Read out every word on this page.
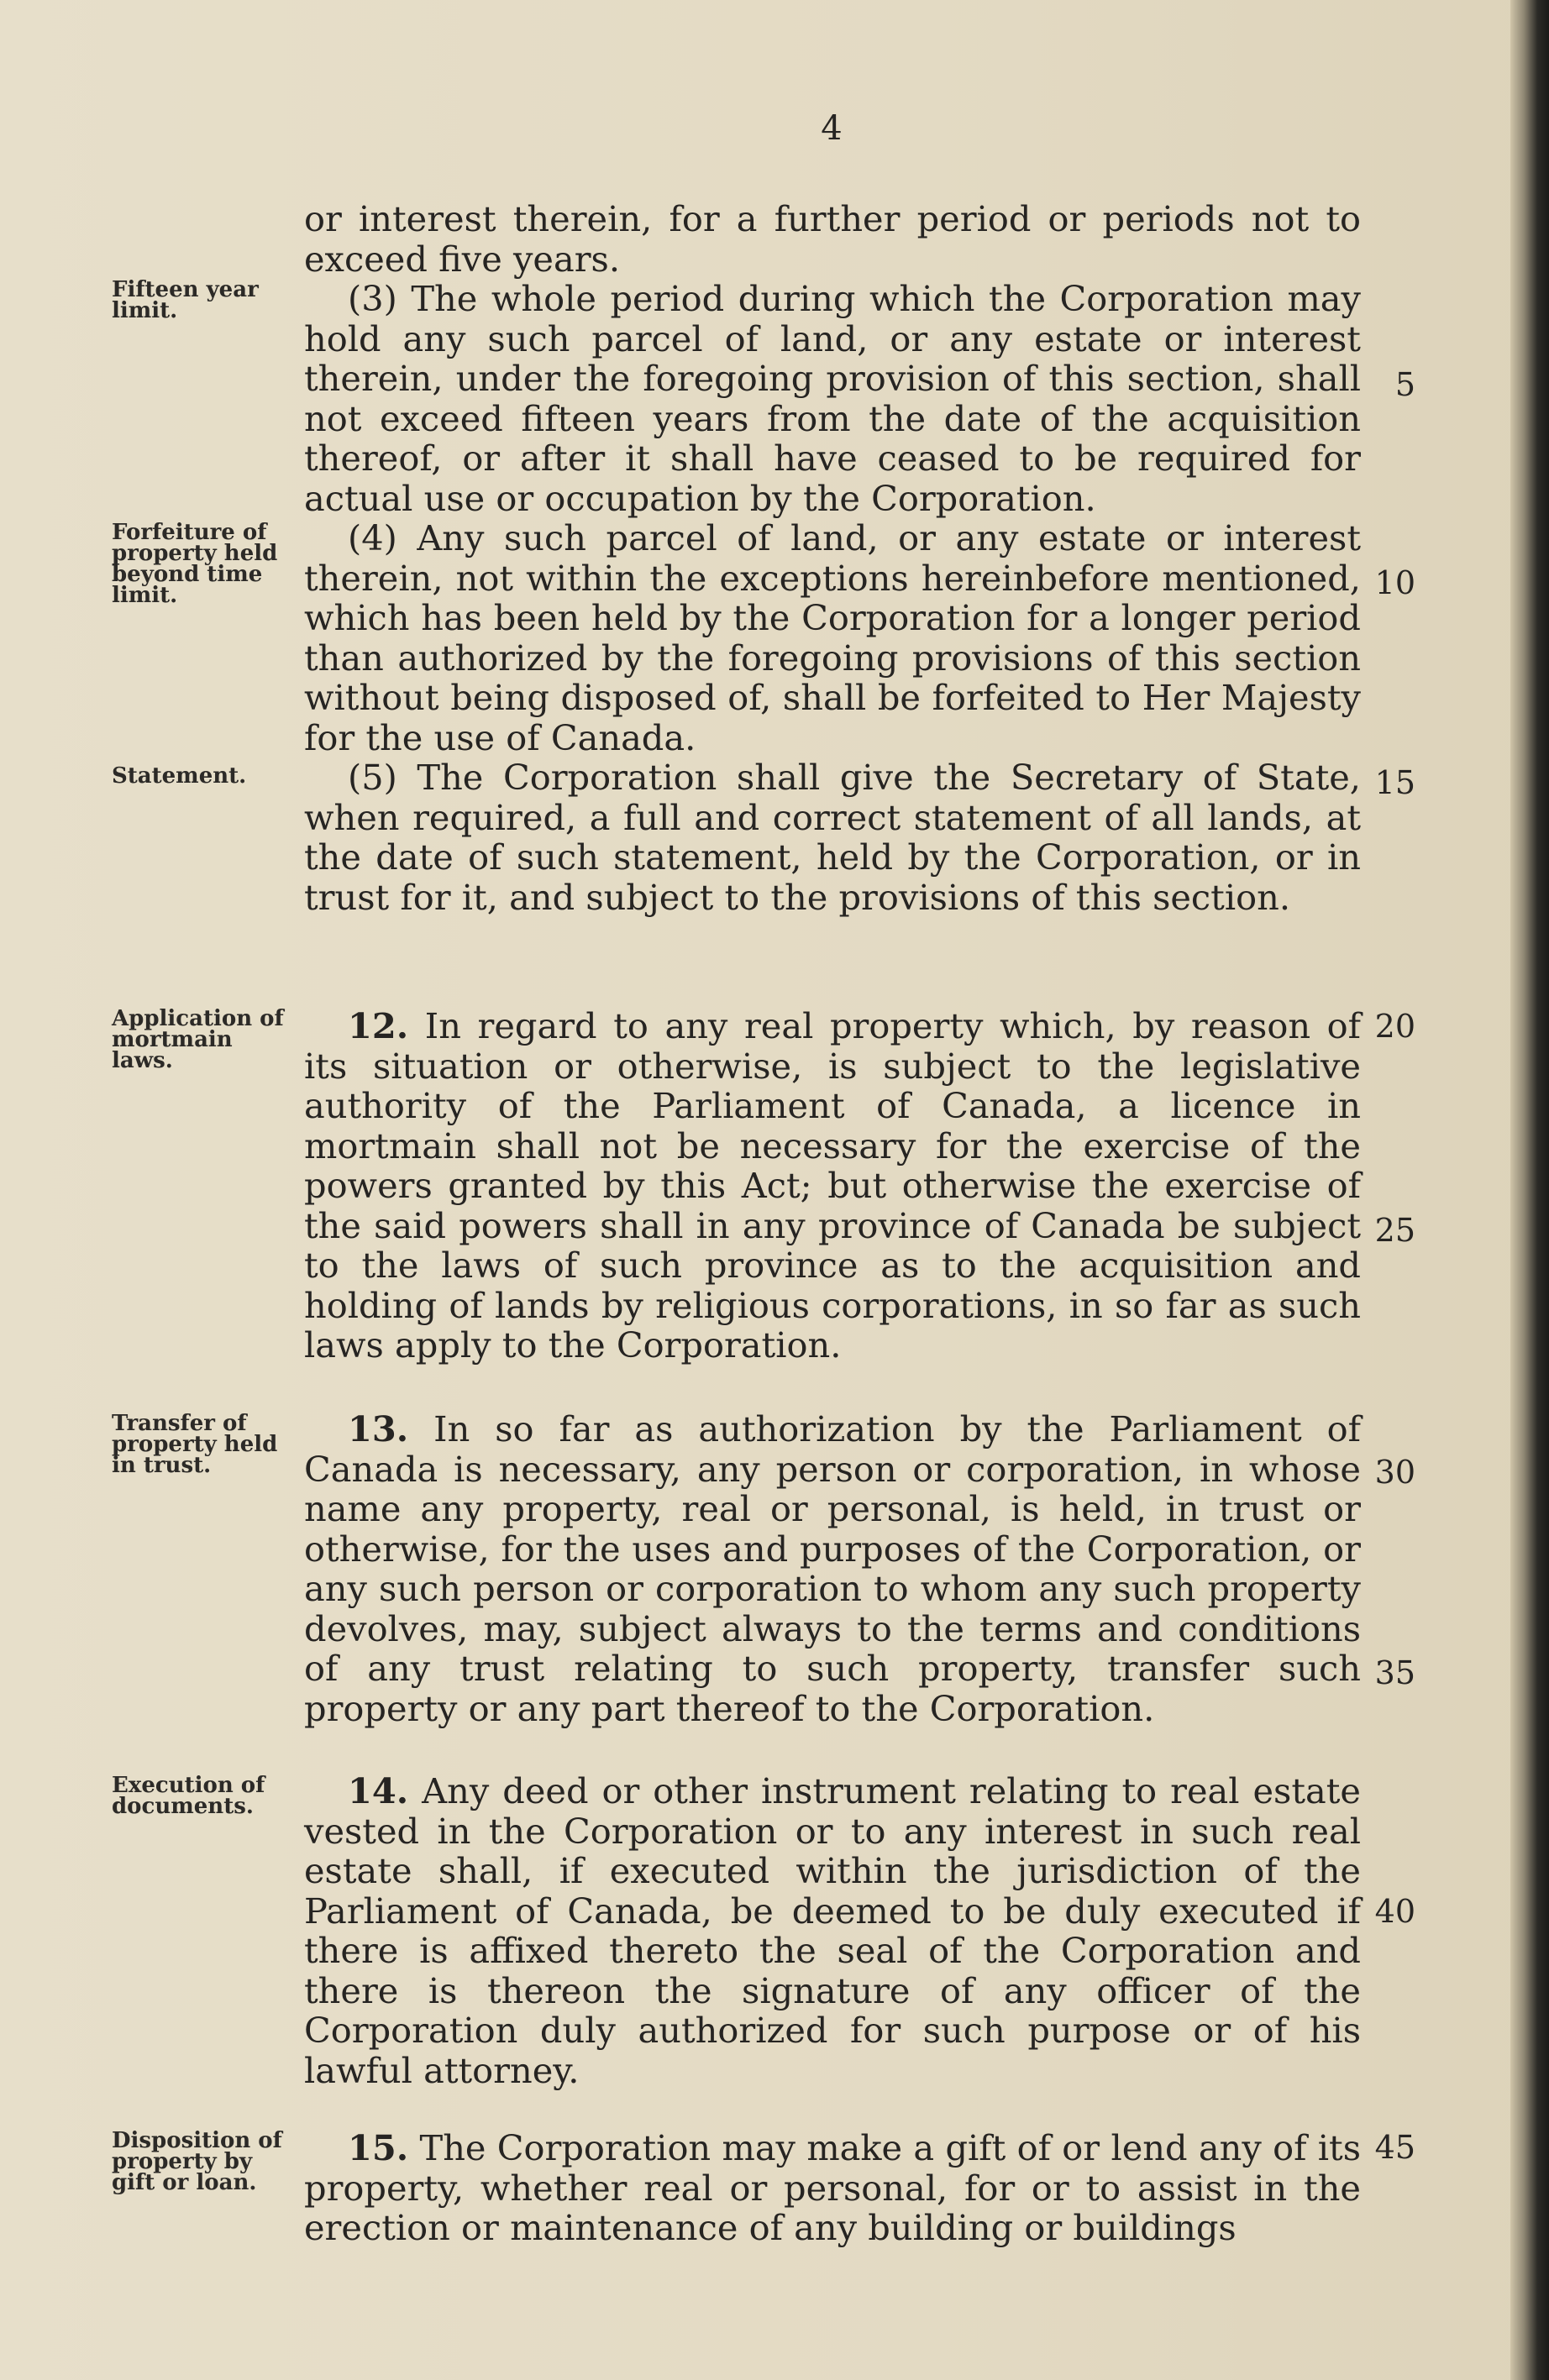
4
Fifteen year limit.
Forfeiture of property held beyond time limit.
Statement.
Application of mortmain laws.
Transfer of property held in trust.
Execution of documents.
Disposition of property by gift or loan.
5
10
15
20
25
30
35
40
45

or interest therein, for a further period or periods not to exceed five years.

(3) The whole period during which the Corporation may hold any such parcel of land, or any estate or interest therein, under the foregoing provision of this section, shall not exceed fifteen years from the date of the acquisition thereof, or after it shall have ceased to be required for actual use or occupation by the Corporation.

(4) Any such parcel of land, or any estate or interest therein, not within the exceptions hereinbefore mentioned, which has been held by the Corporation for a longer period than authorized by the foregoing provisions of this section without being disposed of, shall be forfeited to Her Majesty for the use of Canada.

(5) The Corporation shall give the Secretary of State, when required, a full and correct statement of all lands, at the date of such statement, held by the Corporation, or in trust for it, and subject to the provisions of this section.

12. In regard to any real property which, by reason of its situation or otherwise, is subject to the legislative authority of the Parliament of Canada, a licence in mortmain shall not be necessary for the exercise of the powers granted by this Act; but otherwise the exercise of the said powers shall in any province of Canada be subject to the laws of such province as to the acquisition and holding of lands by religious corporations, in so far as such laws apply to the Corporation.

13. In so far as authorization by the Parliament of Canada is necessary, any person or corporation, in whose name any property, real or personal, is held, in trust or otherwise, for the uses and purposes of the Corporation, or any such person or corporation to whom any such property devolves, may, subject always to the terms and conditions of any trust relating to such property, transfer such property or any part thereof to the Corporation.

14. Any deed or other instrument relating to real estate vested in the Corporation or to any interest in such real estate shall, if executed within the jurisdiction of the Parliament of Canada, be deemed to be duly executed if there is affixed thereto the seal of the Corporation and there is thereon the signature of any officer of the Corporation duly authorized for such purpose or of his lawful attorney.

15. The Corporation may make a gift of or lend any of its property, whether real or personal, for or to assist in the erection or maintenance of any building or buildings
